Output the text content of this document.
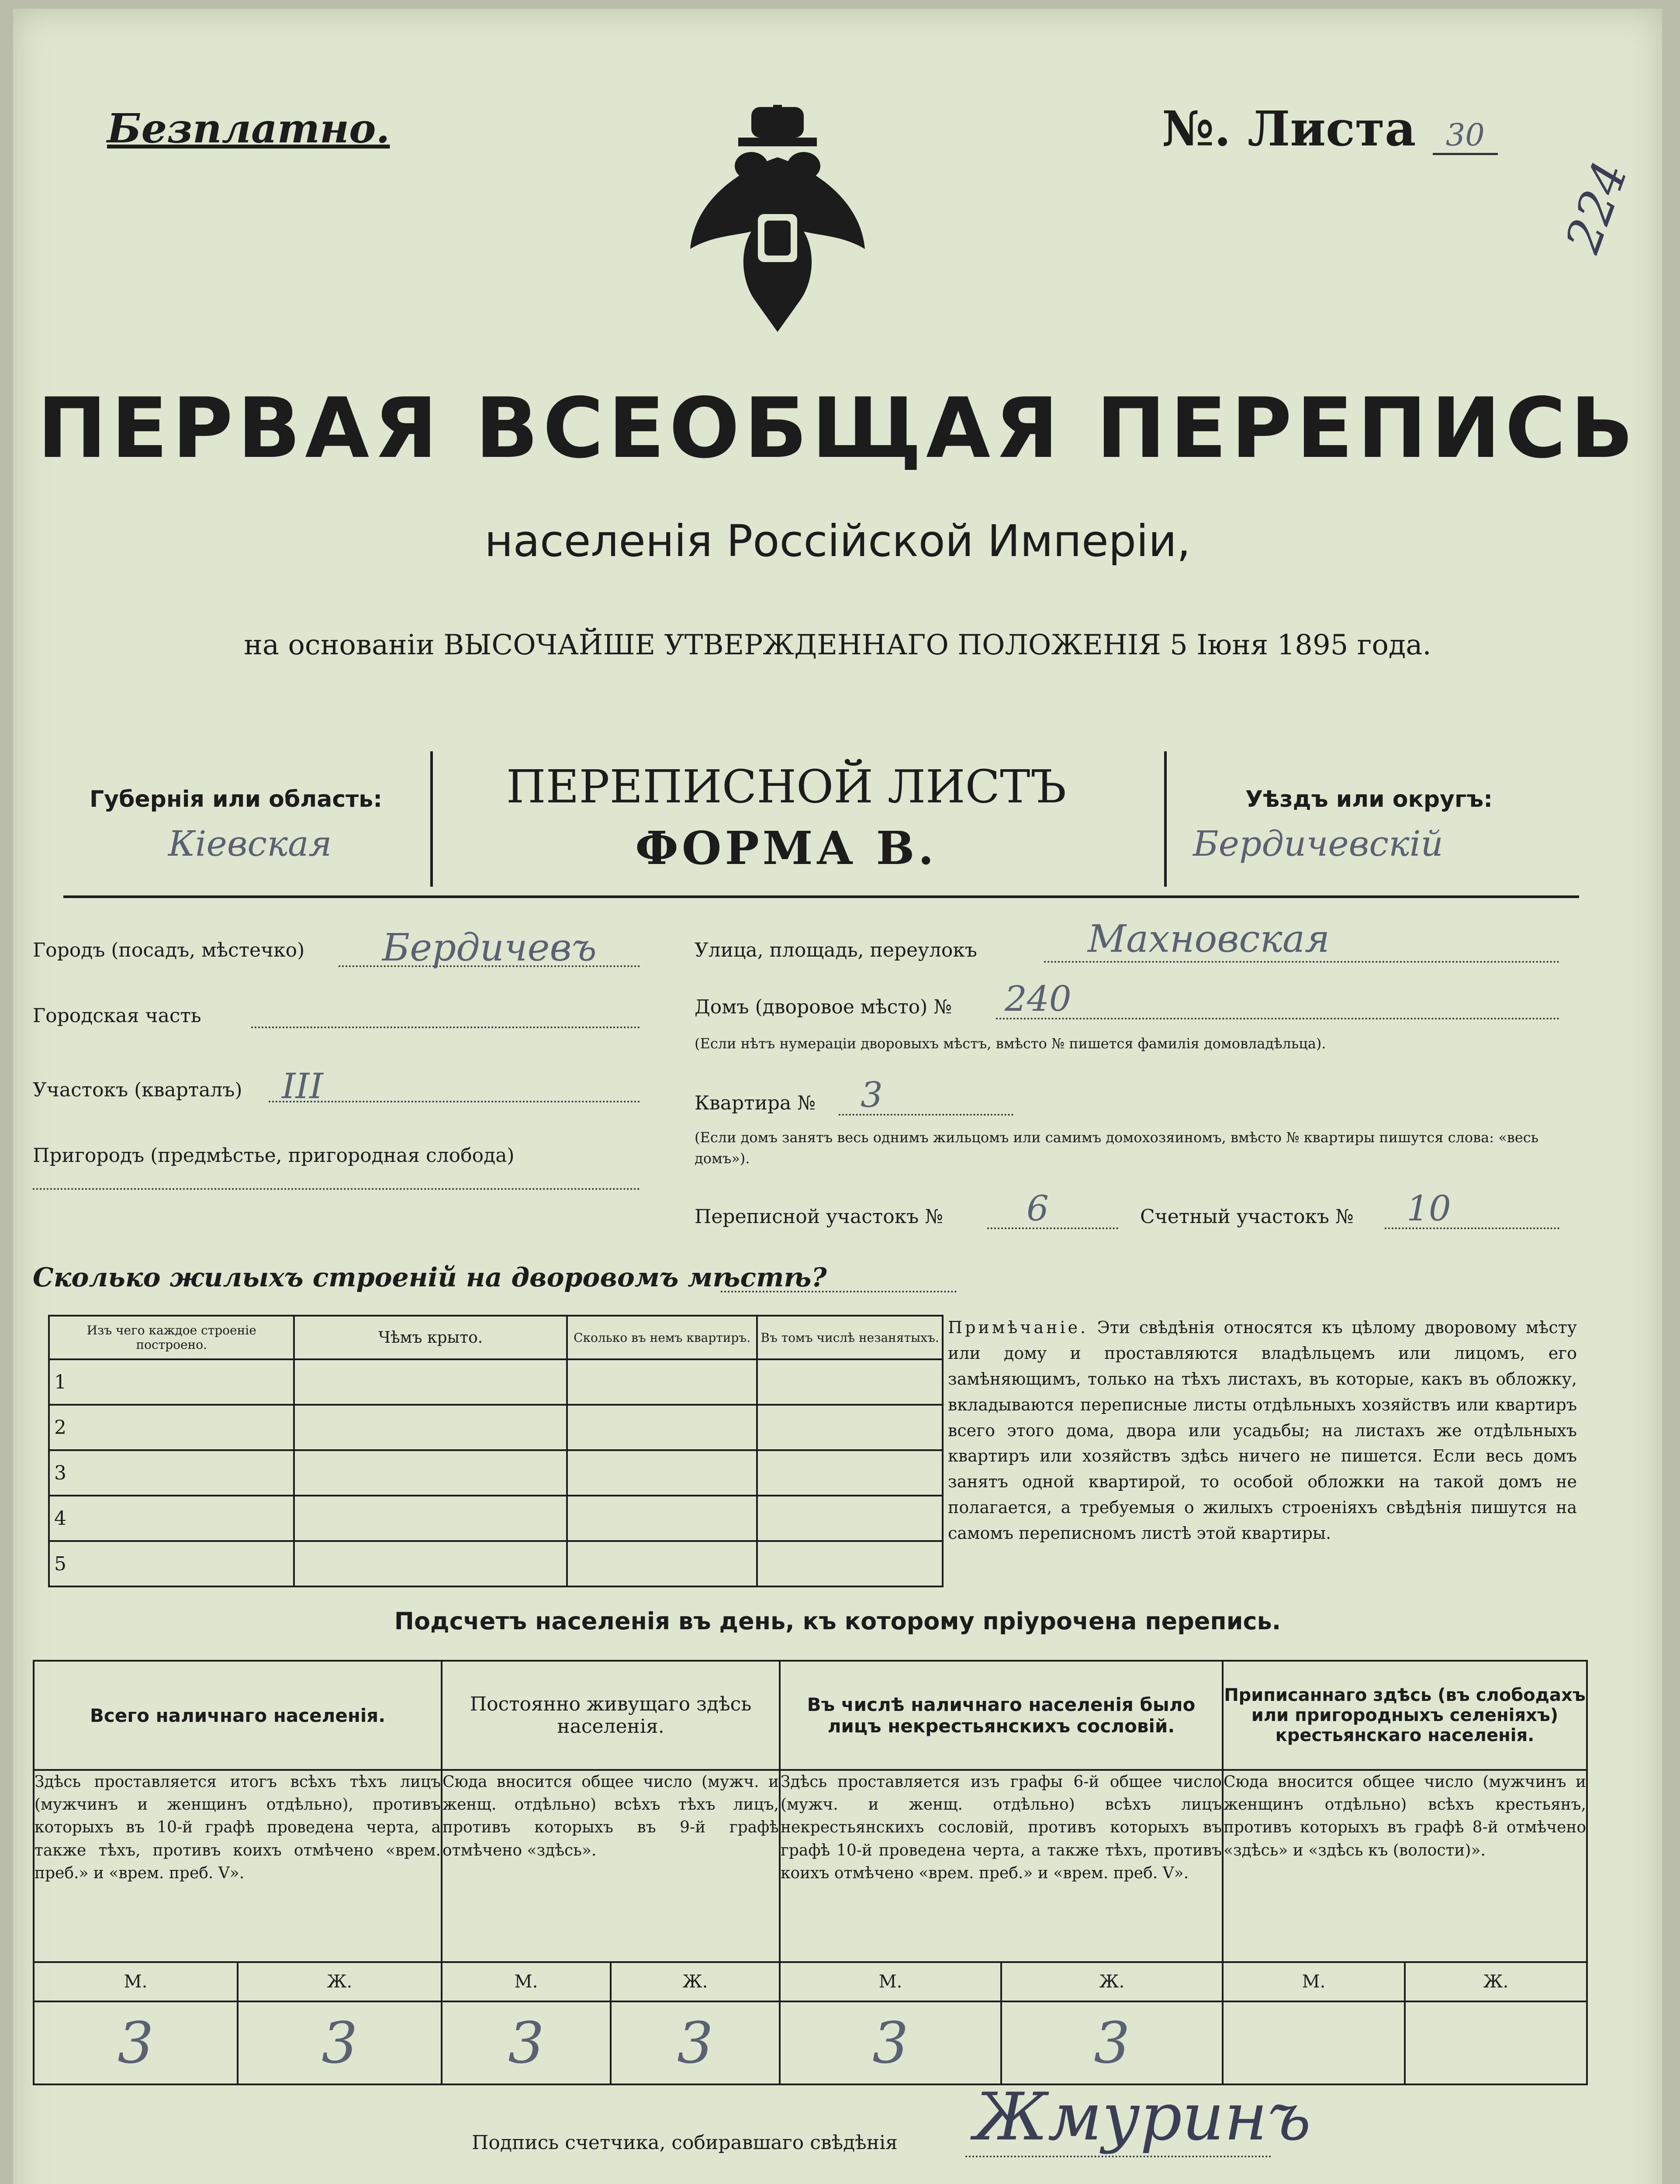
Безплатно.	№. Листа 30
224
ПЕРВАЯ ВСЕОБЩАЯ ПЕРЕПИСЬ
населенія Россійской Имперіи,
на основаніи ВЫСОЧАЙШЕ УТВЕРЖДЕННАГО ПОЛОЖЕНІЯ 5 Іюня 1895 года.
Губернія или область:
Кіевская
ПЕРЕПИСНОЙ ЛИСТЪ
ФОРМА В.
Уѣздъ или округъ:
Бердичевскій
Городъ (посадъ, мѣстечко) Бердичевъ
Городская часть
Участокъ (кварталъ) III
Пригородъ (предмѣстье, пригородная слобода)
Улица, площадь, переулокъ	Махновская
Домъ (дворовое мѣсто) № 240
(Если нѣтъ нумераціи дворовыхъ мѣстъ, вмѣсто № пишется фамилія домовладѣльца).
Квартира № 3
(Если домъ занятъ весь однимъ жильцомъ или самимъ домохозяиномъ, вмѣсто № квартиры пишутся слова: «весь домъ»).
Переписной участокъ № 6	Счетный участокъ № 10
Сколько жилыхъ строеній на дворовомъ мѣстѣ?
Изъ чего каждое строеніе построено.	Чѣмъ крыто.	Сколько въ немъ квартиръ.	Въ томъ числѣ незанятыхъ.
1			
2			
3			
4			
5			
Примѣчаніе. Эти свѣдѣнія относятся къ цѣлому дворовому мѣсту или дому и проставляются владѣльцемъ или лицомъ, его замѣняющимъ, только на тѣхъ листахъ, въ которые, какъ въ обложку, вкладываются переписные листы отдѣльныхъ хозяйствъ или квартиръ всего этого дома, двора или усадьбы; на листахъ же отдѣльныхъ квартиръ или хозяйствъ здѣсь ничего не пишется. Если весь домъ занятъ одной квартирой, то особой обложки на такой домъ не полагается, а требуемыя о жилыхъ строеніяхъ свѣдѣнія пишутся на самомъ переписномъ листѣ этой квартиры.
Подсчетъ населенія въ день, къ которому пріурочена перепись.
Всего наличнаго населенія.		Постоянно живущаго здѣсь населенія.		Въ числѣ наличнаго населенія было лицъ некрестьянскихъ сословій.		Приписаннаго здѣсь (въ слободахъ или пригородныхъ селеніяхъ) крестьянскаго населенія.	
Здѣсь проставляется итогъ всѣхъ тѣхъ лицъ (мужчинъ и женщинъ отдѣльно), противъ которыхъ въ 10-й графѣ проведена черта, а также тѣхъ, противъ коихъ отмѣчено «врем. преб.» и «врем. преб. V».		Сюда вносится общее число (мужч. и женщ. отдѣльно) всѣхъ тѣхъ лицъ, противъ которыхъ въ 9-й графѣ отмѣчено «здѣсь».		Здѣсь проставляется изъ графы 6-й общее число (мужч. и женщ. отдѣльно) всѣхъ лицъ некрестьянскихъ сословій, противъ которыхъ въ графѣ 10-й проведена черта, а также тѣхъ, противъ коихъ отмѣчено «врем. преб.» и «врем. преб. V».		Сюда вносится общее число (мужчинъ и женщинъ отдѣльно) всѣхъ крестьянъ, противъ которыхъ въ графѣ 8-й отмѣчено «здѣсь» и «здѣсь къ (волости)».	
М.	Ж.	М.	Ж.	М.	Ж.	М.	Ж.
3	3	3	3	3	3		
Подпись счетчика, собиравшаго свѣдѣнія Жмуринъ
